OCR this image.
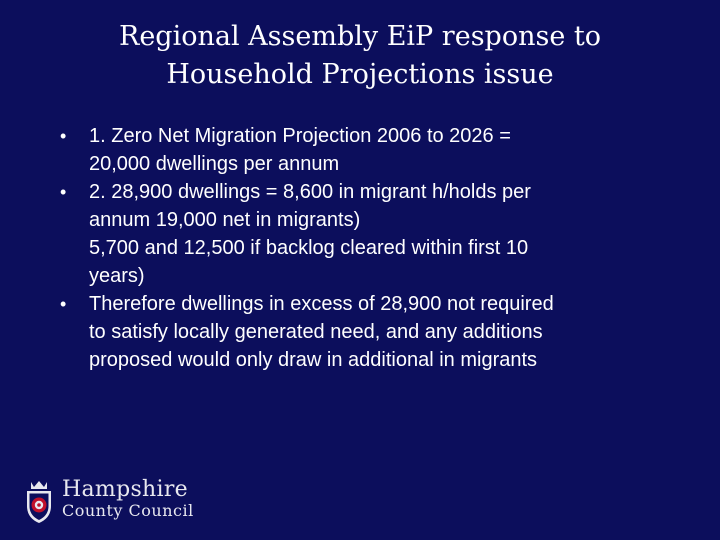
Regional Assembly EiP response to
Household Projections issue
•	1. Zero Net Migration Projection 2006 to 2026 =
20,000 dwellings per annum
•	2. 28,900 dwellings = 8,600 in migrant h/holds per
annum 19,000 net in migrants)
5,700 and 12,500 if backlog cleared within first 10
years)
•	Therefore dwellings in excess of 28,900 not required
to satisfy locally generated need, and any additions
proposed would only draw in additional in migrants
Hampshire
County Council
